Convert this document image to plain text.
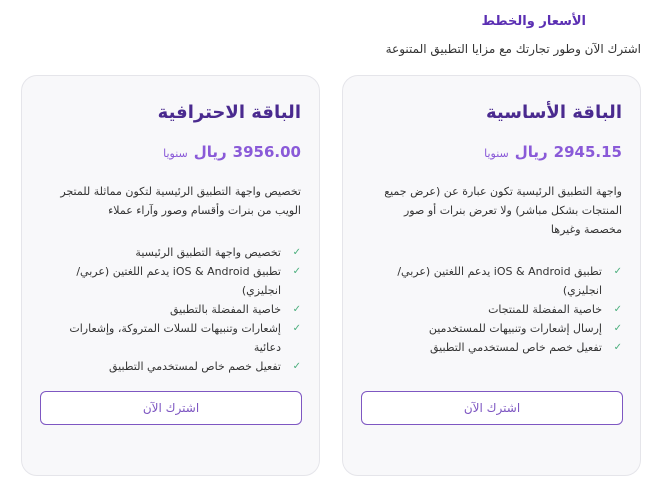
الأسعار والخطط
اشترك الآن وطور تجارتك مع مزايا التطبيق المتنوعة
الباقة الأساسية
2945.15
ريال
سنويا
واجهة التطبيق الرئيسية تكون عبارة عن (عرض جميع المنتجات بشكل مباشر) ولا تعرض بنرات أو صور مخصصة وغيرها
✓
تطبيق iOS & Android يدعم اللغتين (عربي/ انجليزي)
✓
خاصية المفضلة للمنتجات
✓
إرسال إشعارات وتنبيهات للمستخدمين
✓
تفعيل خصم خاص لمستخدمي التطبيق
اشترك الآن
الباقة الاحترافية
3956.00
ريال
سنويا
تخصيص واجهة التطبيق الرئيسية لتكون مماثلة للمتجر الويب من بنرات وأقسام وصور وآراء عملاء
✓
تخصيص واجهة التطبيق الرئيسية
✓
تطبيق iOS & Android يدعم اللغتين (عربي/ انجليزي)
✓
خاصية المفضلة بالتطبيق
✓
إشعارات وتنبيهات للسلات المتروكة، وإشعارات دعائية
✓
تفعيل خصم خاص لمستخدمي التطبيق
اشترك الآن
